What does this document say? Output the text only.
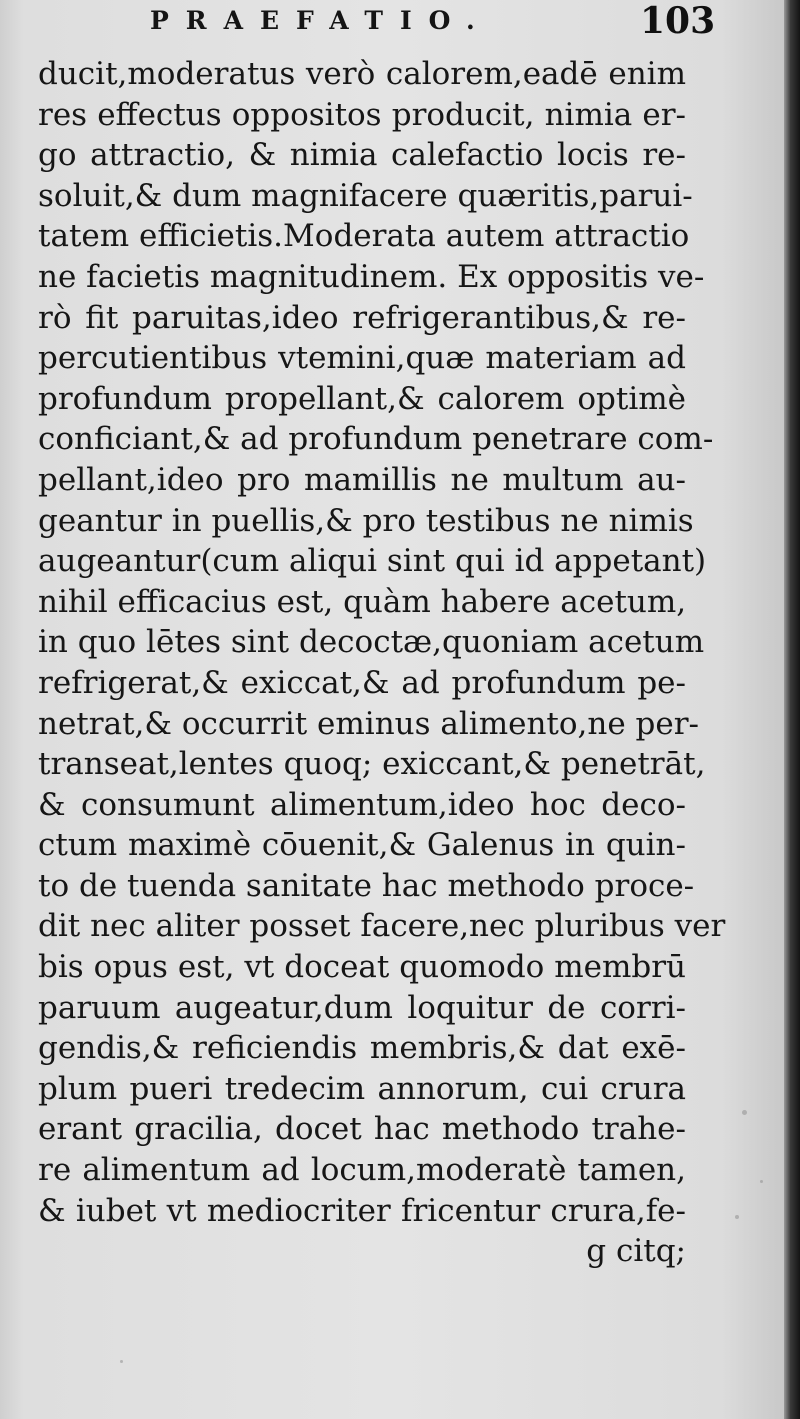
PRAEFATIO.	103
ducit,moderatus verò calorem,eadē enim
res effectus oppositos producit, nimia er-
go attractio, & nimia calefactio locis re-
soluit,& dum magnifacere quæritis,parui-
tatem efficietis.Moderata autem attractio
ne facietis magnitudinem. Ex oppositis ve-
rò fit paruitas,ideo refrigerantibus,& re-
percutientibus vtemini,quæ materiam ad
profundum propellant,& calorem optimè
conficiant,& ad profundum penetrare com-
pellant,ideo pro mamillis ne multum au-
geantur in puellis,& pro testibus ne nimis
augeantur(cum aliqui sint qui id appetant)
nihil efficacius est, quàm habere acetum,
in quo lētes sint decoctæ,quoniam acetum
refrigerat,& exiccat,& ad profundum pe-
netrat,& occurrit eminus alimento,ne per-
transeat,lentes quoq; exiccant,& penetrāt,
& consumunt alimentum,ideo hoc deco-
ctum maximè cōuenit,& Galenus in quin-
to de tuenda sanitate hac methodo proce-
dit nec aliter posset facere,nec pluribus ver
bis opus est, vt doceat quomodo membrū
paruum augeatur,dum loquitur de corri-
gendis,& reficiendis membris,& dat exē-
plum pueri tredecim annorum, cui crura
erant gracilia, docet hac methodo trahe-
re alimentum ad locum,moderatè tamen,
& iubet vt mediocriter fricentur crura,fe-
g citq;
